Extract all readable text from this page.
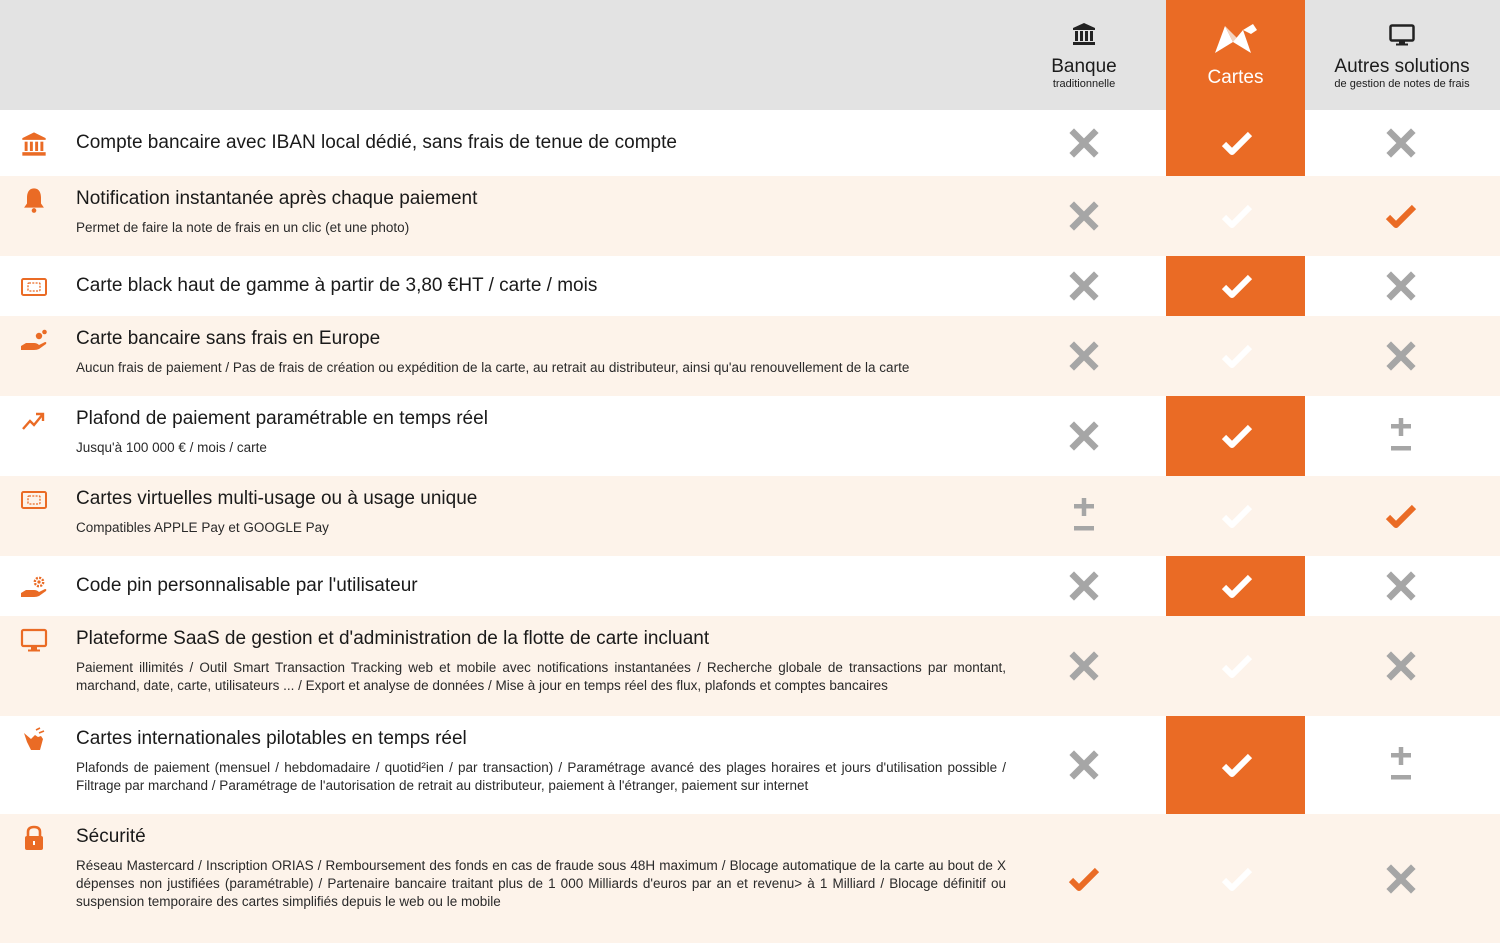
Banque
traditionnelle	Cartes
Autres solutions
de gestion de notes de frais
Compte bancaire avec IBAN local dédié, sans frais de tenue de compte
Notification instantanée après chaque paiement
Permet de faire la note de frais en un clic (et une photo)
Carte black haut de gamme à partir de 3,80 €HT / carte / mois
Carte bancaire sans frais en Europe
Aucun frais de paiement / Pas de frais de création ou expédition de la carte, au retrait au distributeur, ainsi qu'au renouvellement de la carte
Plafond de paiement paramétrable en temps réel
Jusqu'à 100 000 € / mois / carte
Cartes virtuelles multi-usage ou à usage unique
Compatibles APPLE Pay et GOOGLE Pay
Code pin personnalisable par l'utilisateur
Plateforme SaaS de gestion et d'administration de la flotte de carte incluant
Paiement illimités / Outil Smart Transaction Tracking web et mobile avec notifications instantanées / Recherche globale de transactions par montant, marchand, date, carte, utilisateurs ... / Export et analyse de données / Mise à jour en temps réel des flux, plafonds et comptes bancaires
Cartes internationales pilotables en temps réel
Plafonds de paiement (mensuel / hebdomadaire / quotid²ien / par transaction) / Paramétrage avancé des plages horaires et jours d'utilisation possible / Filtrage par marchand / Paramétrage de l'autorisation de retrait au distributeur, paiement à l'étranger, paiement sur internet
Sécurité
Réseau Mastercard / Inscription ORIAS / Remboursement des fonds en cas de fraude sous 48H maximum / Blocage automatique de la carte au bout de X dépenses non justifiées (paramétrable) / Partenaire bancaire traitant plus de 1 000 Milliards d'euros par an et revenu> à 1 Milliard / Blocage définitif ou suspension temporaire des cartes simplifiés depuis le web ou le mobile
